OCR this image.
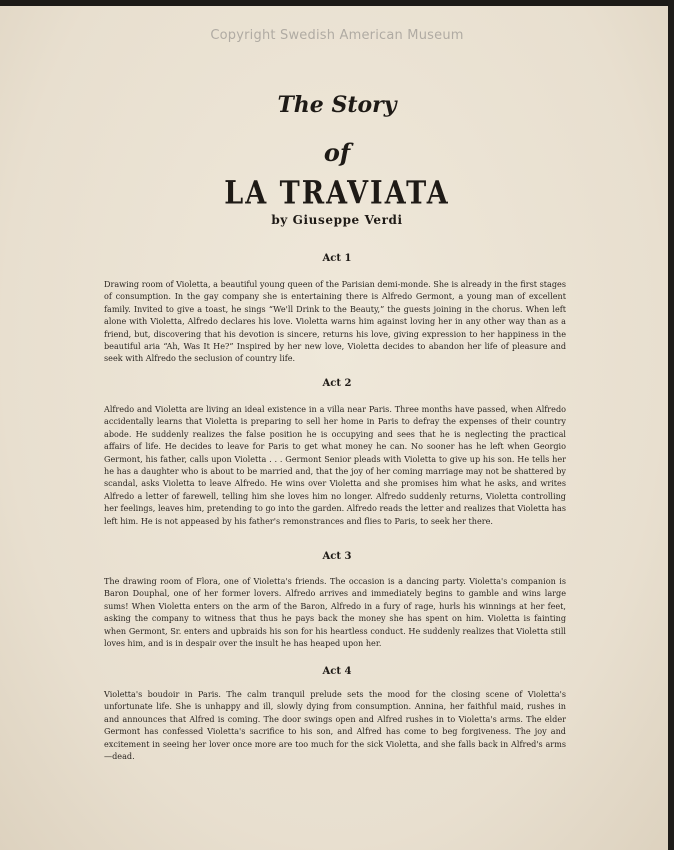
Copyright Swedish American Museum
The Story
of
LA TRAVIATA
by Giuseppe Verdi
Act 1

Drawing room of Violetta, a beautiful young queen of the Parisian demi-monde. She is already in the first stages of consumption. In the gay company she is entertaining there is Alfredo Germont, a young man of excellent family. Invited to give a toast, he sings “We'll Drink to the Beauty,” the guests joining in the chorus. When left alone with Violetta, Alfredo declares his love. Violetta warns him against loving her in any other way than as a friend, but, discovering that his devotion is sincere, returns his love, giving expression to her happiness in the beautiful aria “Ah, Was It He?” Inspired by her new love, Violetta decides to abandon her life of pleasure and seek with Alfredo the seclusion of country life.

Act 2

Alfredo and Violetta are living an ideal existence in a villa near Paris. Three months have passed, when Alfredo accidentally learns that Violetta is preparing to sell her home in Paris to defray the expenses of their country abode. He suddenly realizes the false position he is occupying and sees that he is neglecting the practical affairs of life. He decides to leave for Paris to get what money he can. No sooner has he left when Georgio Germont, his father, calls upon Violetta . . . Germont Senior pleads with Violetta to give up his son. He tells her he has a daughter who is about to be married and, that the joy of her coming marriage may not be shattered by scandal, asks Violetta to leave Alfredo. He wins over Violetta and she promises him what he asks, and writes Alfredo a letter of farewell, telling him she loves him no longer. Alfredo suddenly returns, Violetta controlling her feelings, leaves him, pretending to go into the garden. Alfredo reads the letter and realizes that Violetta has left him. He is not appeased by his father's remonstrances and flies to Paris, to seek her there.

Act 3

The drawing room of Flora, one of Violetta's friends. The occasion is a dancing party. Violetta's companion is Baron Douphal, one of her former lovers. Alfredo arrives and immediately begins to gamble and wins large sums! When Violetta enters on the arm of the Baron, Alfredo in a fury of rage, hurls his winnings at her feet, asking the company to witness that thus he pays back the money she has spent on him. Violetta is fainting when Germont, Sr. enters and upbraids his son for his heartless conduct. He suddenly realizes that Violetta still loves him, and is in despair over the insult he has heaped upon her.

Act 4

Violetta's boudoir in Paris. The calm tranquil prelude sets the mood for the closing scene of Violetta's unfortunate life. She is unhappy and ill, slowly dying from consumption. Annina, her faithful maid, rushes in and announces that Alfred is coming. The door swings open and Alfred rushes in to Violetta's arms. The elder Germont has confessed Violetta's sacrifice to his son, and Alfred has come to beg forgiveness. The joy and excitement in seeing her lover once more are too much for the sick Violetta, and she falls back in Alfred's arms—dead.
